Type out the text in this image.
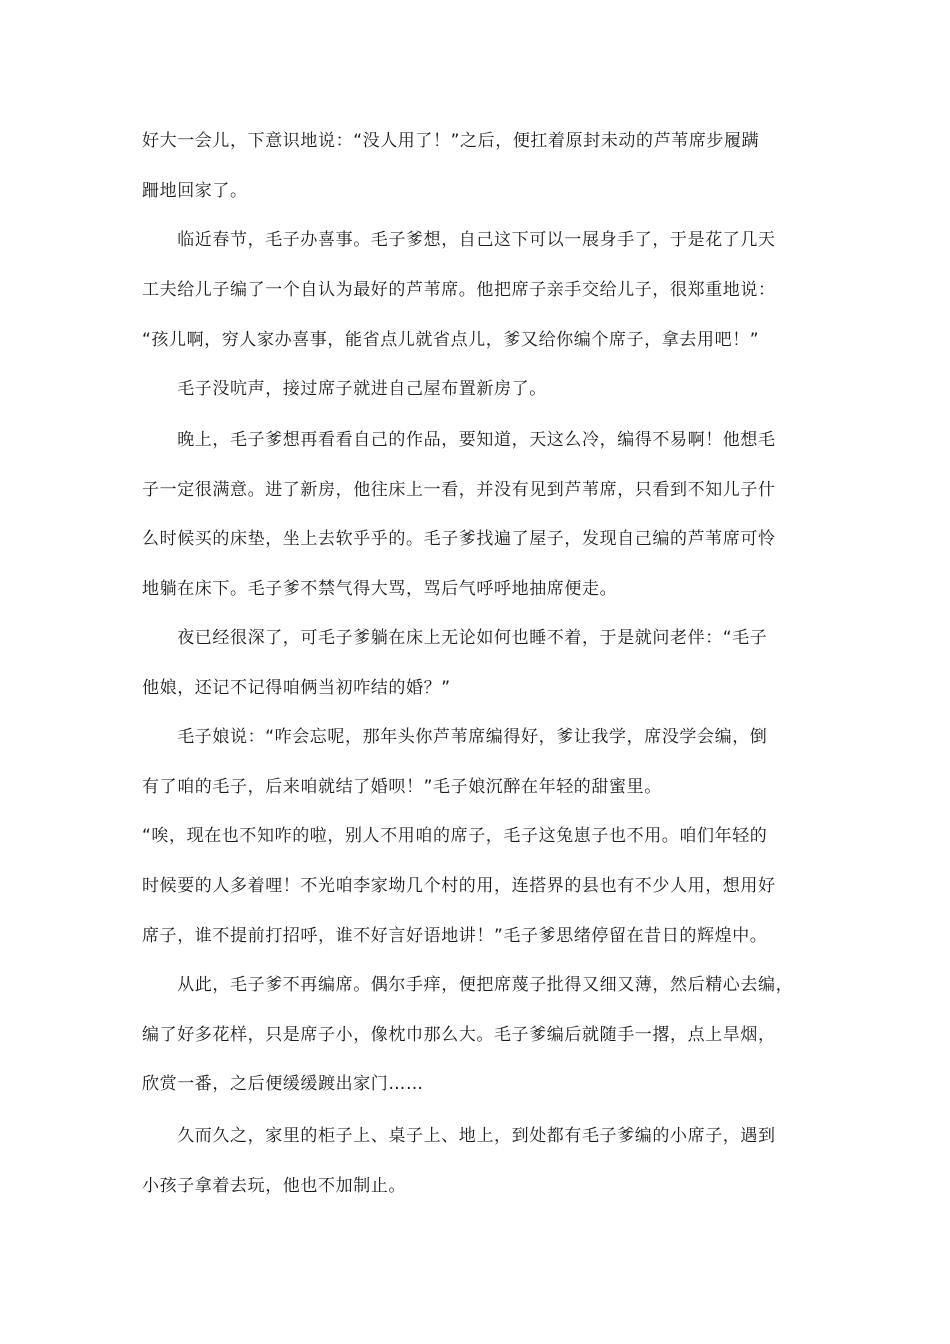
好大一会儿，下意识地说：“没人用了！”之后，便扛着原封未动的芦苇席步履蹒
跚地回家了。
　　临近春节，毛子办喜事。毛子爹想，自己这下可以一展身手了，于是花了几天
工夫给儿子编了一个自认为最好的芦苇席。他把席子亲手交给儿子，很郑重地说：
“孩儿啊，穷人家办喜事，能省点儿就省点儿，爹又给你编个席子，拿去用吧！”
　　毛子没吭声，接过席子就进自己屋布置新房了。
　　晚上，毛子爹想再看看自己的作品，要知道，天这么冷，编得不易啊！他想毛
子一定很满意。进了新房，他往床上一看，并没有见到芦苇席，只看到不知儿子什
么时候买的床垫，坐上去软乎乎的。毛子爹找遍了屋子，发现自己编的芦苇席可怜
地躺在床下。毛子爹不禁气得大骂，骂后气呼呼地抽席便走。
　　夜已经很深了，可毛子爹躺在床上无论如何也睡不着，于是就问老伴：“毛子
他娘，还记不记得咱俩当初咋结的婚？”
　　毛子娘说：“咋会忘呢，那年头你芦苇席编得好，爹让我学，席没学会编，倒
有了咱的毛子，后来咱就结了婚呗！”毛子娘沉醉在年轻的甜蜜里。
“唉，现在也不知咋的啦，别人不用咱的席子，毛子这兔崽子也不用。咱们年轻的
时候要的人多着哩！不光咱李家坳几个村的用，连搭界的县也有不少人用，想用好
席子，谁不提前打招呼，谁不好言好语地讲！”毛子爹思绪停留在昔日的辉煌中。
　　从此，毛子爹不再编席。偶尔手痒，便把席蔑子批得又细又薄，然后精心去编，
编了好多花样，只是席子小，像枕巾那么大。毛子爹编后就随手一撂，点上旱烟，
欣赏一番，之后便缓缓踱出家门……
　　久而久之，家里的柜子上、桌子上、地上，到处都有毛子爹编的小席子，遇到
小孩子拿着去玩，他也不加制止。
